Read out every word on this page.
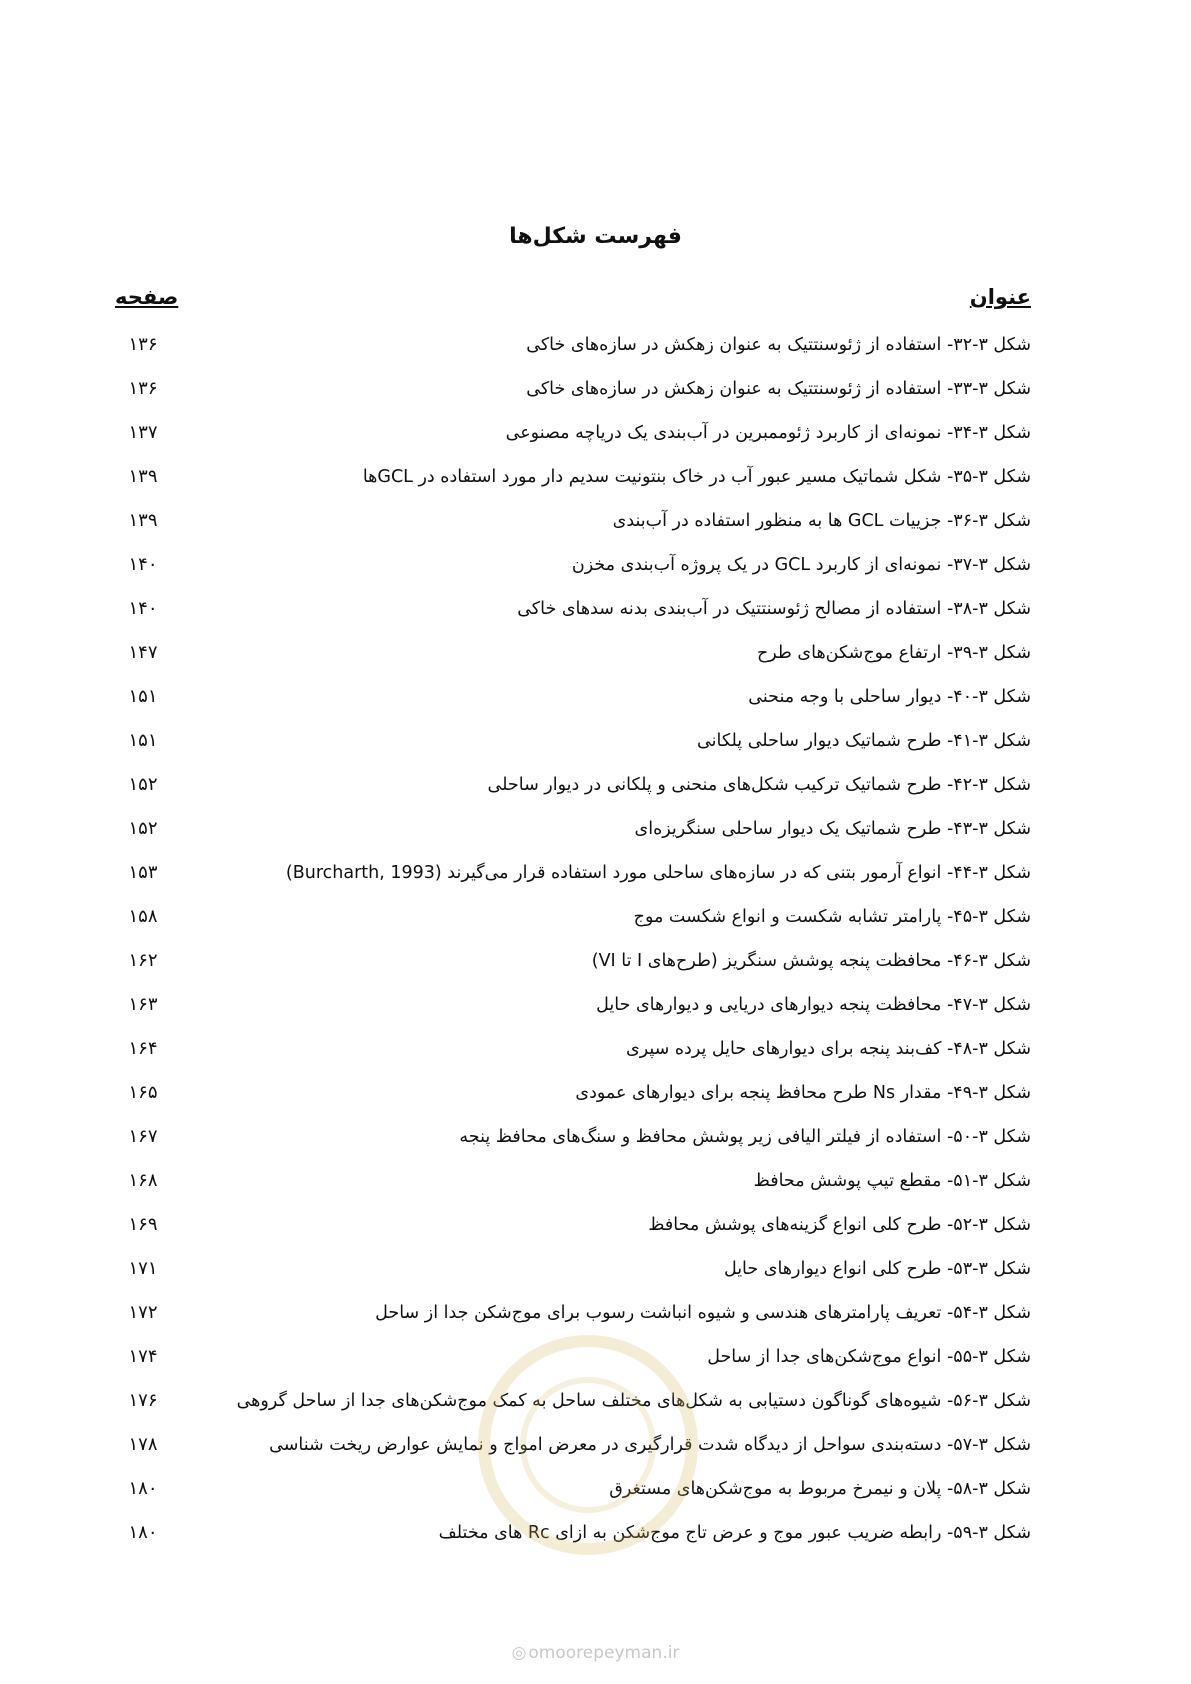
فهرست شکل‌ها
عنوان
صفحه
شکل ۳-۳۲- استفاده از ژئوسنتتیک به عنوان زهکش در سازه‌های خاکی
۱۳۶
شکل ۳-۳۳- استفاده از ژئوسنتتیک به عنوان زهکش در سازه‌های خاکی
۱۳۶
شکل ۳-۳۴- نمونه‌ای از کاربرد ژئوممبرین در آب‌بندی یک دریاچه مصنوعی
۱۳۷
شکل ۳-۳۵- شکل شماتیک مسیر عبور آب در خاک بنتونیت سدیم دار مورد استفاده در GCLها
۱۳۹
شکل ۳-۳۶- جزییات GCL ها به منظور استفاده در آب‌بندی
۱۳۹
شکل ۳-۳۷- نمونه‌ای از کاربرد GCL در یک پروژه آب‌بندی مخزن
۱۴۰
شکل ۳-۳۸- استفاده از مصالح ژئوسنتتیک در آب‌بندی بدنه سدهای خاکی
۱۴۰
شکل ۳-۳۹- ارتفاع موج‌شکن‌های طرح
۱۴۷
شکل ۳-۴۰- دیوار ساحلی با وجه منحنی
۱۵۱
شکل ۳-۴۱- طرح شماتیک دیوار ساحلی پلکانی
۱۵۱
شکل ۳-۴۲- طرح شماتیک ترکیب شکل‌های منحنی و پلکانی در دیوار ساحلی
۱۵۲
شکل ۳-۴۳- طرح شماتیک یک دیوار ساحلی سنگریزه‌ای
۱۵۲
شکل ۳-۴۴- انواع آرمور بتنی که در سازه‌های ساحلی مورد استفاده قرار می‌گیرند (Burcharth, 1993)
۱۵۳
شکل ۳-۴۵- پارامتر تشابه شکست و انواع شکست موج
۱۵۸
شکل ۳-۴۶- محافظت پنجه پوشش سنگریز (طرح‌های I تا VI)
۱۶۲
شکل ۳-۴۷- محافظت پنجه دیوارهای دریایی و دیوارهای حایل
۱۶۳
شکل ۳-۴۸- کف‌بند پنجه برای دیوارهای حایل پرده سپری
۱۶۴
شکل ۳-۴۹- مقدار Ns طرح محافظ پنجه برای دیوارهای عمودی
۱۶۵
شکل ۳-۵۰- استفاده از فیلتر الیافی زیر پوشش محافظ و سنگ‌های محافظ پنجه
۱۶۷
شکل ۳-۵۱- مقطع تیپ پوشش محافظ
۱۶۸
شکل ۳-۵۲- طرح کلی انواع گزینه‌های پوشش محافظ
۱۶۹
شکل ۳-۵۳- طرح کلی انواع دیوارهای حایل
۱۷۱
شکل ۳-۵۴- تعریف پارامترهای هندسی و شیوه انباشت رسوب برای موج‌شکن جدا از ساحل
۱۷۲
شکل ۳-۵۵- انواع موج‌شکن‌های جدا از ساحل
۱۷۴
شکل ۳-۵۶- شیوه‌های گوناگون دستیابی به شکل‌های مختلف ساحل به کمک موج‌شکن‌های جدا از ساحل گروهی
۱۷۶
شکل ۳-۵۷- دسته‌بندی سواحل از دیدگاه شدت قرارگیری در معرض امواج و نمایش عوارض ریخت شناسی
۱۷۸
شکل ۳-۵۸- پلان و نیمرخ مربوط به موج‌شکن‌های مستغرق
۱۸۰
شکل ۳-۵۹- رابطه ضریب عبور موج و عرض تاج موج‌شکن به ازای Rc های مختلف
۱۸۰
◎ omoorepeyman.ir
